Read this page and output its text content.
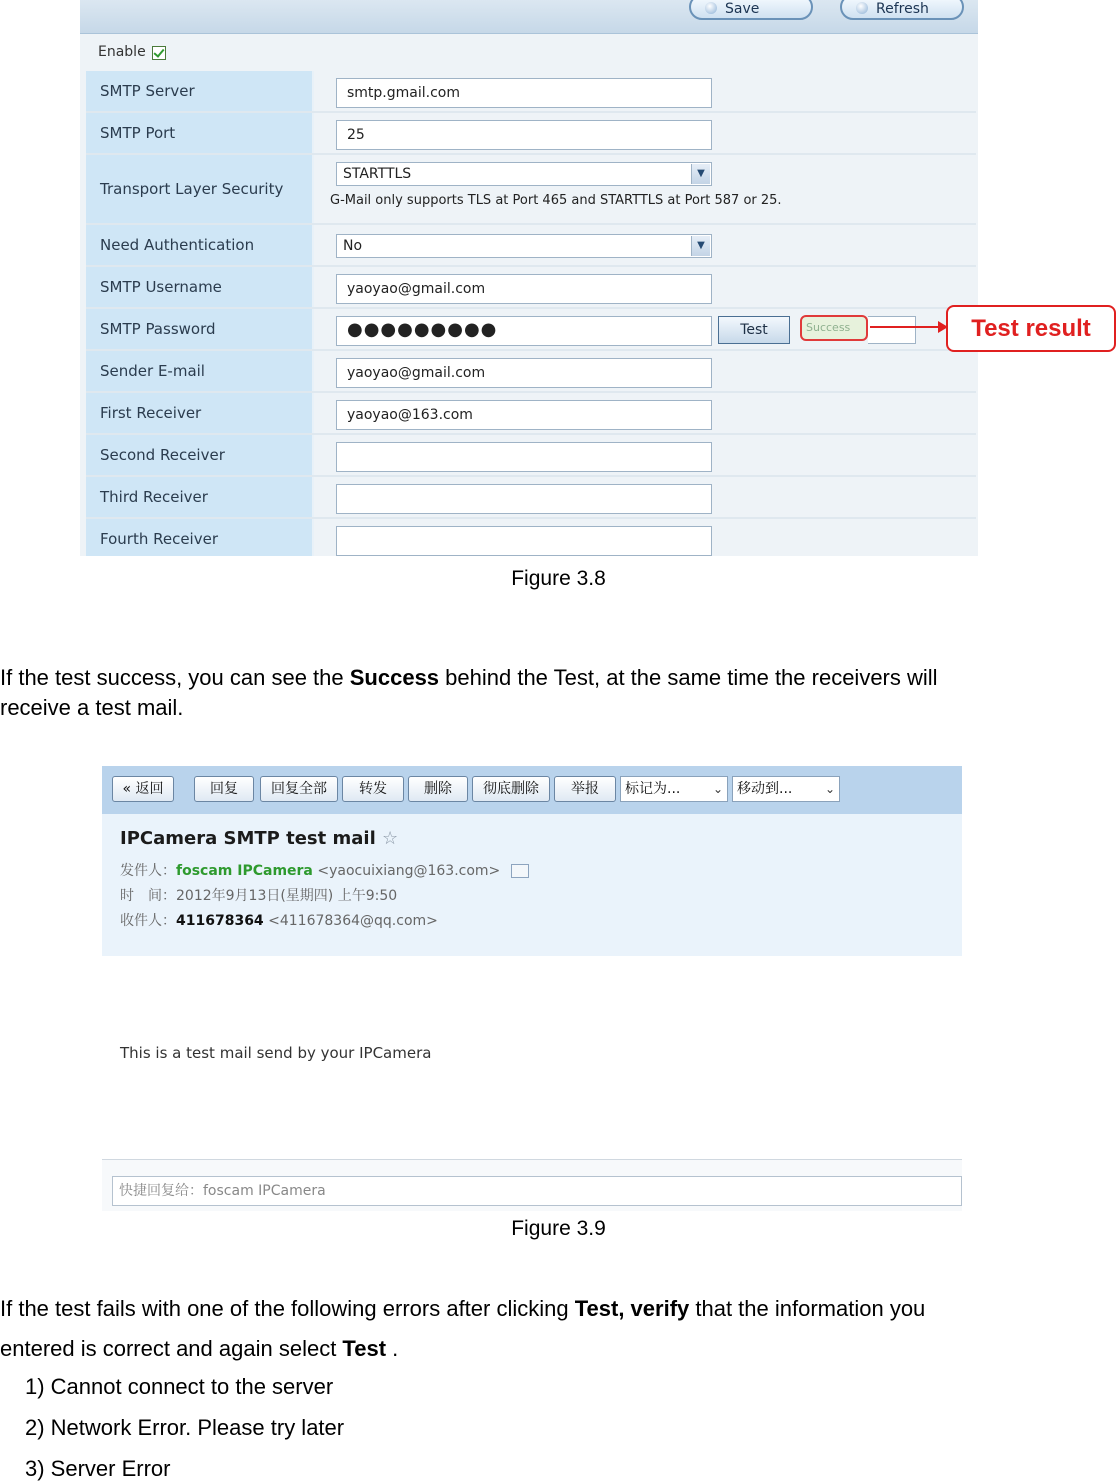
Save	Refresh
Enable
SMTP Server	smtp.gmail.com
SMTP Port	25
Transport Layer Security
STARTTLS	▼
G-Mail only supports TLS at Port 465 and STARTTLS at Port 587 or 25.
Need Authentication	No	▼
SMTP Username	yaoyao@gmail.com
SMTP Password	●●●●●●●●●	Test	Success
Sender E-mail	yaoyao@gmail.com
First Receiver	yaoyao@163.com
Second Receiver
Third Receiver
Fourth Receiver
Test result
Figure 3.8
If the test success, you can see the Success behind the Test, at the same time the receivers will
receive a test mail.
« 返回	回复	回复全部	转发	删除	彻底删除	举报	标记为...	⌄	移动到...	⌄
IPCamera SMTP test mail ☆
发件人：foscam IPCamera <yaocuixiang@163.com>
时　间：2012年9月13日(星期四) 上午9:50
收件人：411678364 <411678364@qq.com>
This is a test mail send by your IPCamera
快捷回复给：foscam IPCamera
Figure 3.9
If the test fails with one of the following errors after clicking Test, verify that the information you
entered is correct and again select Test .
1) Cannot connect to the server
2) Network Error. Please try later
3) Server Error
